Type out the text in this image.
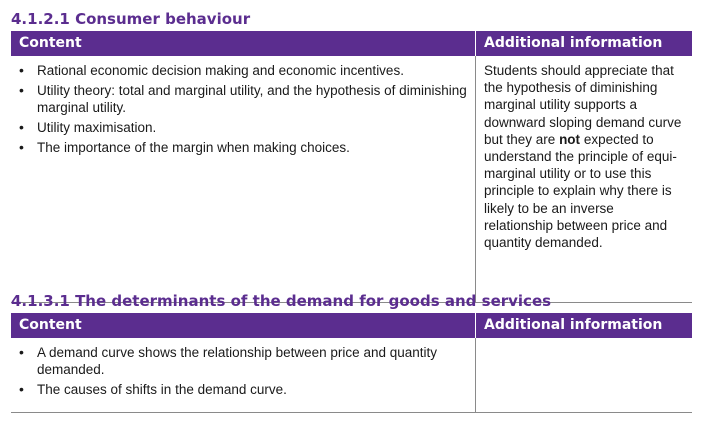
4.1.2.1 Consumer behaviour
Content	Additional information
• Rational economic decision making and economic incentives.
• Utility theory: total and marginal utility, and the hypothesis of diminishing marginal utility.
• Utility maximisation.
• The importance of the margin when making choices.
Students should appreciate that the hypothesis of diminishing marginal utility supports a downward sloping demand curve but they are not expected to understand the principle of equi-marginal utility or to use this principle to explain why there is likely to be an inverse relationship between price and quantity demanded.
4.1.3.1 The determinants of the demand for goods and services
Content	Additional information
• A demand curve shows the relationship between price and quantity demanded.
• The causes of shifts in the demand curve.
